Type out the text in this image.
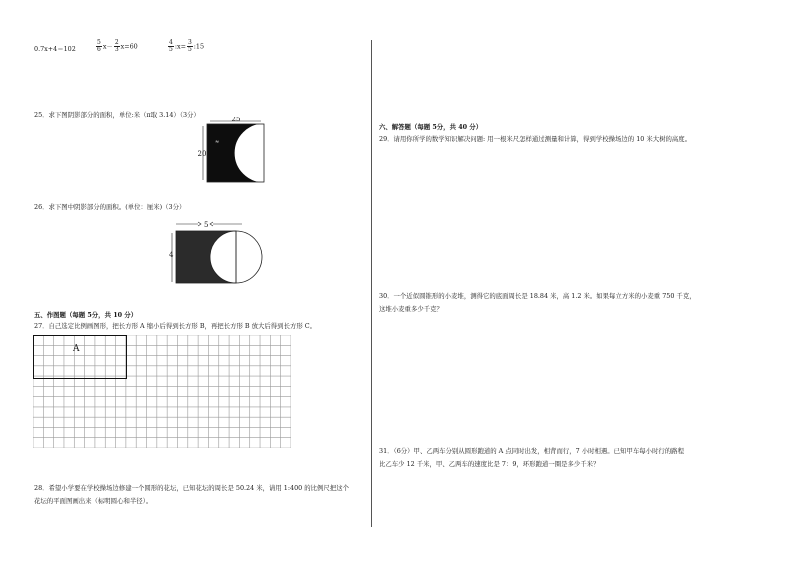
0.7x+4＝102	$\frac{5}{6} x- \frac{2}{3} x=60$	$\frac{4}{5}$ :x= $\frac{3}{5}$ :15
25．求下图阴影部分的面积，单位:米（π取 3.14）（3分）	25
20
≈
26．求下图中阴影部分的面积。(单位：厘米)（3分）
5
4
五、作图题（每题 5分，共 10 分）
27．自己选定比例画图形，把长方形 A 缩小后得到长方形 B，再把长方形 B 放大后得到长方形 C。
A
28．希望小学要在学校操场边修建一个圆形的花坛，已知花坛的周长是 50.24 米，请用 1:400 的比例尺把这个
花坛的平面图画出来（标明圆心和半径）。
六、解答题（每题 5分，共 40 分）
29．请用你所学的数学知识解决问题: 用一根米尺怎样通过测量和计算，得到学校操场边的 10 米大树的高度。
30．一个近似圆锥形的小麦堆，测得它的底面周长是 18.84 米，高 1.2 米。如果每立方米的小麦重 750 千克，
这堆小麦重多少千克？
31．（6分）甲、乙两车分别从圆形跑道的 A 点同时出发，相背而行，7 小时相遇。已知甲车每小时行的路程
比乙车少 12 千米，甲、乙两车的速度比是 7：9，环形跑道一圈是多少千米？
